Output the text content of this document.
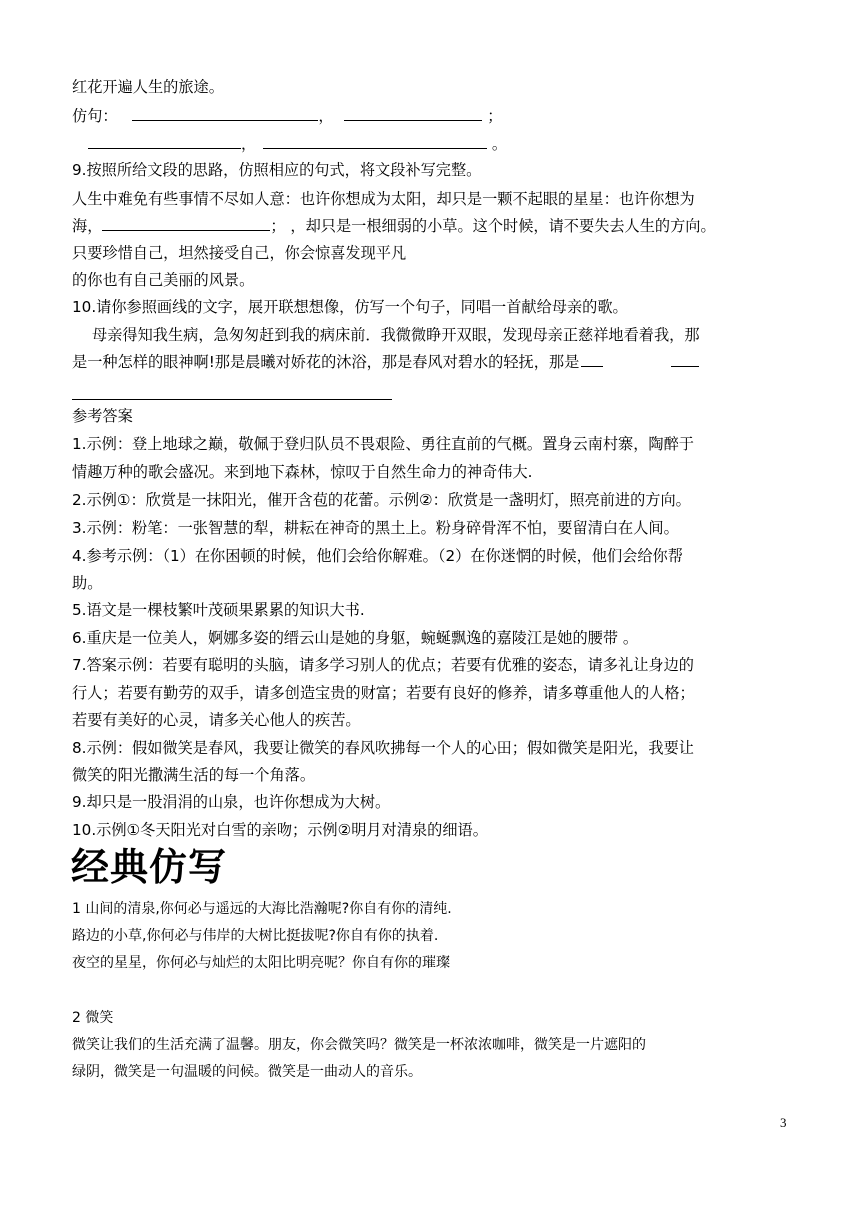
红花开遍人生的旅途。
仿句：	，	；
，	。
9.按照所给文段的思路，仿照相应的句式，将文段补写完整。
人生中难免有些事情不尽如人意：也许你想成为太阳，却只是一颗不起眼的星星：也许你想为
海，	； ，却只是一根细弱的小草。这个时候，请不要失去人生的方向。
只要珍惜自己，坦然接受自己，你会惊喜发现平凡
的你也有自己美丽的风景。
10.请你参照画线的文字，展开联想想像，仿写一个句子，同唱一首献给母亲的歌。
母亲得知我生病，急匆匆赶到我的病床前．我微微睁开双眼，发现母亲正慈祥地看着我，那
是一种怎样的眼神啊!那是晨曦对娇花的沐浴，那是春风对碧水的轻抚，那是
参考答案
1.示例：登上地球之巅，敬佩于登归队员不畏艰险、勇往直前的气概。置身云南村寨，陶醉于
情趣万种的歌会盛况。来到地下森林，惊叹于自然生命力的神奇伟大.
2.示例①：欣赏是一抹阳光，催开含苞的花蕾。示例②：欣赏是一盏明灯，照亮前进的方向。
3.示例：粉笔：一张智慧的犁，耕耘在神奇的黑土上。粉身碎骨浑不怕，要留清白在人间。
4.参考示例：（1）在你困顿的时候，他们会给你解难。（2）在你迷惘的时候，他们会给你帮
助。
5.语文是一棵枝繁叶茂硕果累累的知识大书.
6.重庆是一位美人，婀娜多姿的缙云山是她的身躯，蜿蜒飘逸的嘉陵江是她的腰带 。
7.答案示例：若要有聪明的头脑，请多学习别人的优点；若要有优雅的姿态，请多礼让身边的
行人；若要有勤劳的双手，请多创造宝贵的财富；若要有良好的修养，请多尊重他人的人格；
若要有美好的心灵，请多关心他人的疾苦。
8.示例：假如微笑是春风，我要让微笑的春风吹拂每一个人的心田；假如微笑是阳光，我要让
微笑的阳光撒满生活的每一个角落。
9.却只是一股涓涓的山泉，也许你想成为大树。
10.示例①冬天阳光对白雪的亲吻；示例②明月对清泉的细语。
经典仿写
1 山间的清泉,你何必与遥远的大海比浩瀚呢?你自有你的清纯.
路边的小草,你何必与伟岸的大树比挺拔呢?你自有你的执着.
夜空的星星，你何必与灿烂的太阳比明亮呢？你自有你的璀璨
2 微笑
微笑让我们的生活充满了温馨。朋友，你会微笑吗？微笑是一杯浓浓咖啡，微笑是一片遮阳的
绿阴，微笑是一句温暖的问候。微笑是一曲动人的音乐。
3
